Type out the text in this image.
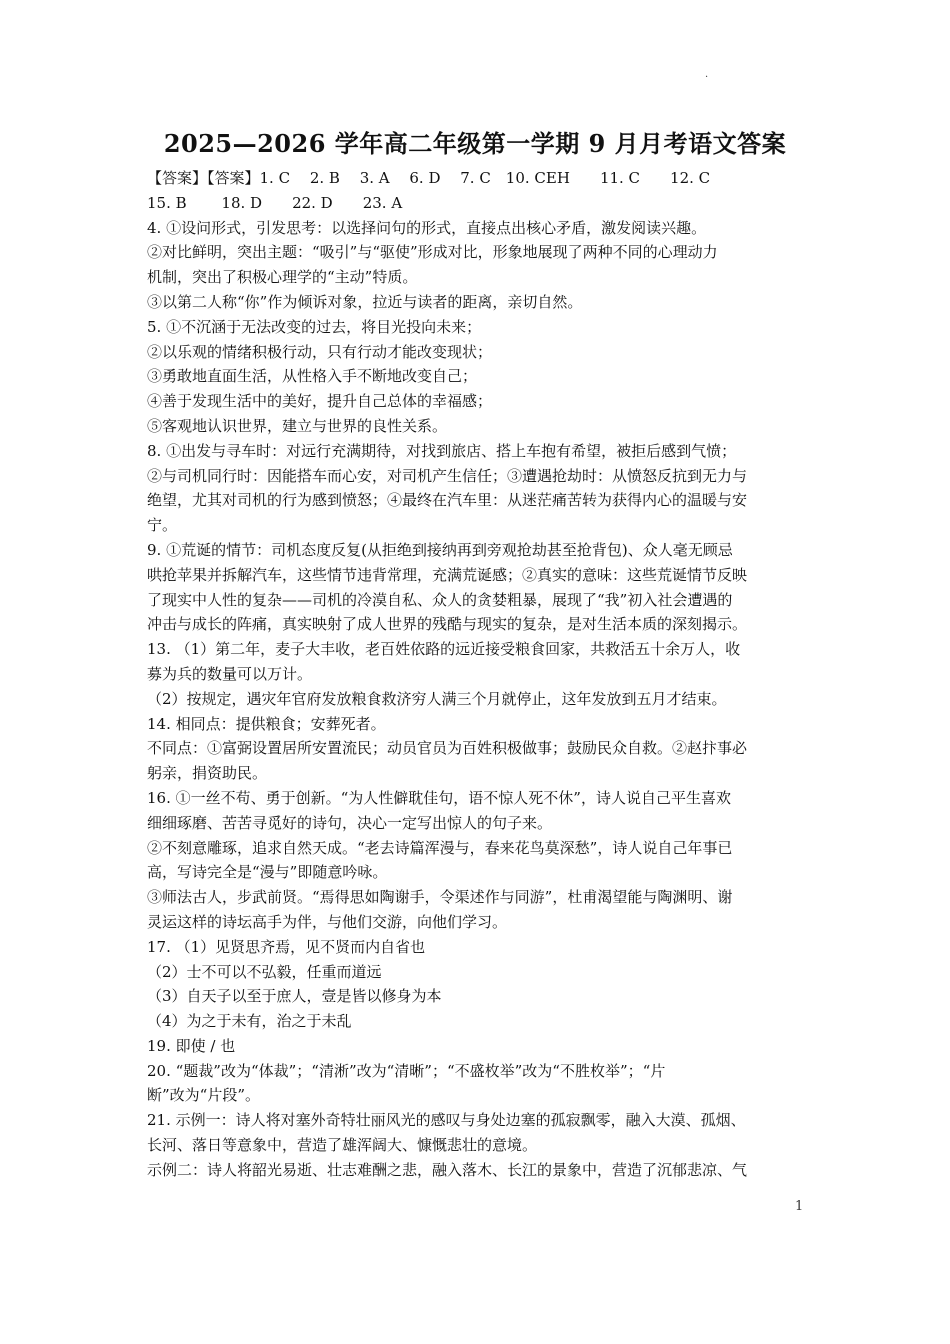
·
2025—2026 学年高二年级第一学期 9 月月考语文答案
【答案】【答案】1. C　 2. B　 3. A　 6. D　 7. C　10. CEH　　11. C　　12. C
15. B　　 18. D　　22. D　　23. A
4. ①设问形式，引发思考：以选择问句的形式，直接点出核心矛盾，激发阅读兴趣。
②对比鲜明，突出主题：“吸引”与“驱使”形成对比，形象地展现了两种不同的心理动力
机制，突出了积极心理学的“主动”特质。
③以第二人称“你”作为倾诉对象，拉近与读者的距离，亲切自然。
5. ①不沉涵于无法改变的过去，将目光投向未来；
②以乐观的情绪积极行动，只有行动才能改变现状；
③勇敢地直面生活，从性格入手不断地改变自己；
④善于发现生活中的美好，提升自己总体的幸福感；
⑤客观地认识世界，建立与世界的良性关系。
8. ①出发与寻车时：对远行充满期待，对找到旅店、搭上车抱有希望，被拒后感到气愤；
②与司机同行时：因能搭车而心安，对司机产生信任；③遭遇抢劫时：从愤怒反抗到无力与
绝望，尤其对司机的行为感到愤怒；④最终在汽车里：从迷茫痛苦转为获得内心的温暖与安
宁。
9. ①荒诞的情节：司机态度反复(从拒绝到接纳再到旁观抢劫甚至抢背包)、众人毫无顾忌
哄抢苹果并拆解汽车，这些情节违背常理，充满荒诞感；②真实的意味：这些荒诞情节反映
了现实中人性的复杂——司机的冷漠自私、众人的贪婪粗暴，展现了“我”初入社会遭遇的
冲击与成长的阵痛，真实映射了成人世界的残酷与现实的复杂，是对生活本质的深刻揭示。
13. （1）第二年，麦子大丰收，老百姓依路的远近接受粮食回家，共救活五十余万人，收
募为兵的数量可以万计。
（2）按规定，遇灾年官府发放粮食救济穷人满三个月就停止，这年发放到五月才结束。
14. 相同点：提供粮食；安葬死者。
不同点：①富弼设置居所安置流民；动员官员为百姓积极做事；鼓励民众自救。②赵抃事必
躬亲，捐资助民。
16. ①一丝不苟、勇于创新。“为人性僻耽佳句，语不惊人死不休”，诗人说自己平生喜欢
细细琢磨、苦苦寻觅好的诗句，决心一定写出惊人的句子来。
②不刻意雕琢，追求自然天成。“老去诗篇浑漫与，春来花鸟莫深愁”，诗人说自己年事已
高，写诗完全是“漫与”即随意吟咏。
③师法古人，步武前贤。“焉得思如陶谢手，令渠述作与同游”，杜甫渴望能与陶渊明、谢
灵运这样的诗坛高手为伴，与他们交游，向他们学习。
17. （1）见贤思齐焉，见不贤而内自省也
（2）士不可以不弘毅，任重而道远
（3）自天子以至于庶人，壹是皆以修身为本
（4）为之于未有，治之于未乱
19. 即使 / 也
20. “题裁”改为“体裁”；“清淅”改为“清晰”；“不盛枚举”改为“不胜枚举”；“片
断”改为“片段”。
21. 示例一：诗人将对塞外奇特壮丽风光的感叹与身处边塞的孤寂飘零，融入大漠、孤烟、
长河、落日等意象中，营造了雄浑阔大、慷慨悲壮的意境。
示例二：诗人将韶光易逝、壮志难酬之悲，融入落木、长江的景象中，营造了沉郁悲凉、气
1
